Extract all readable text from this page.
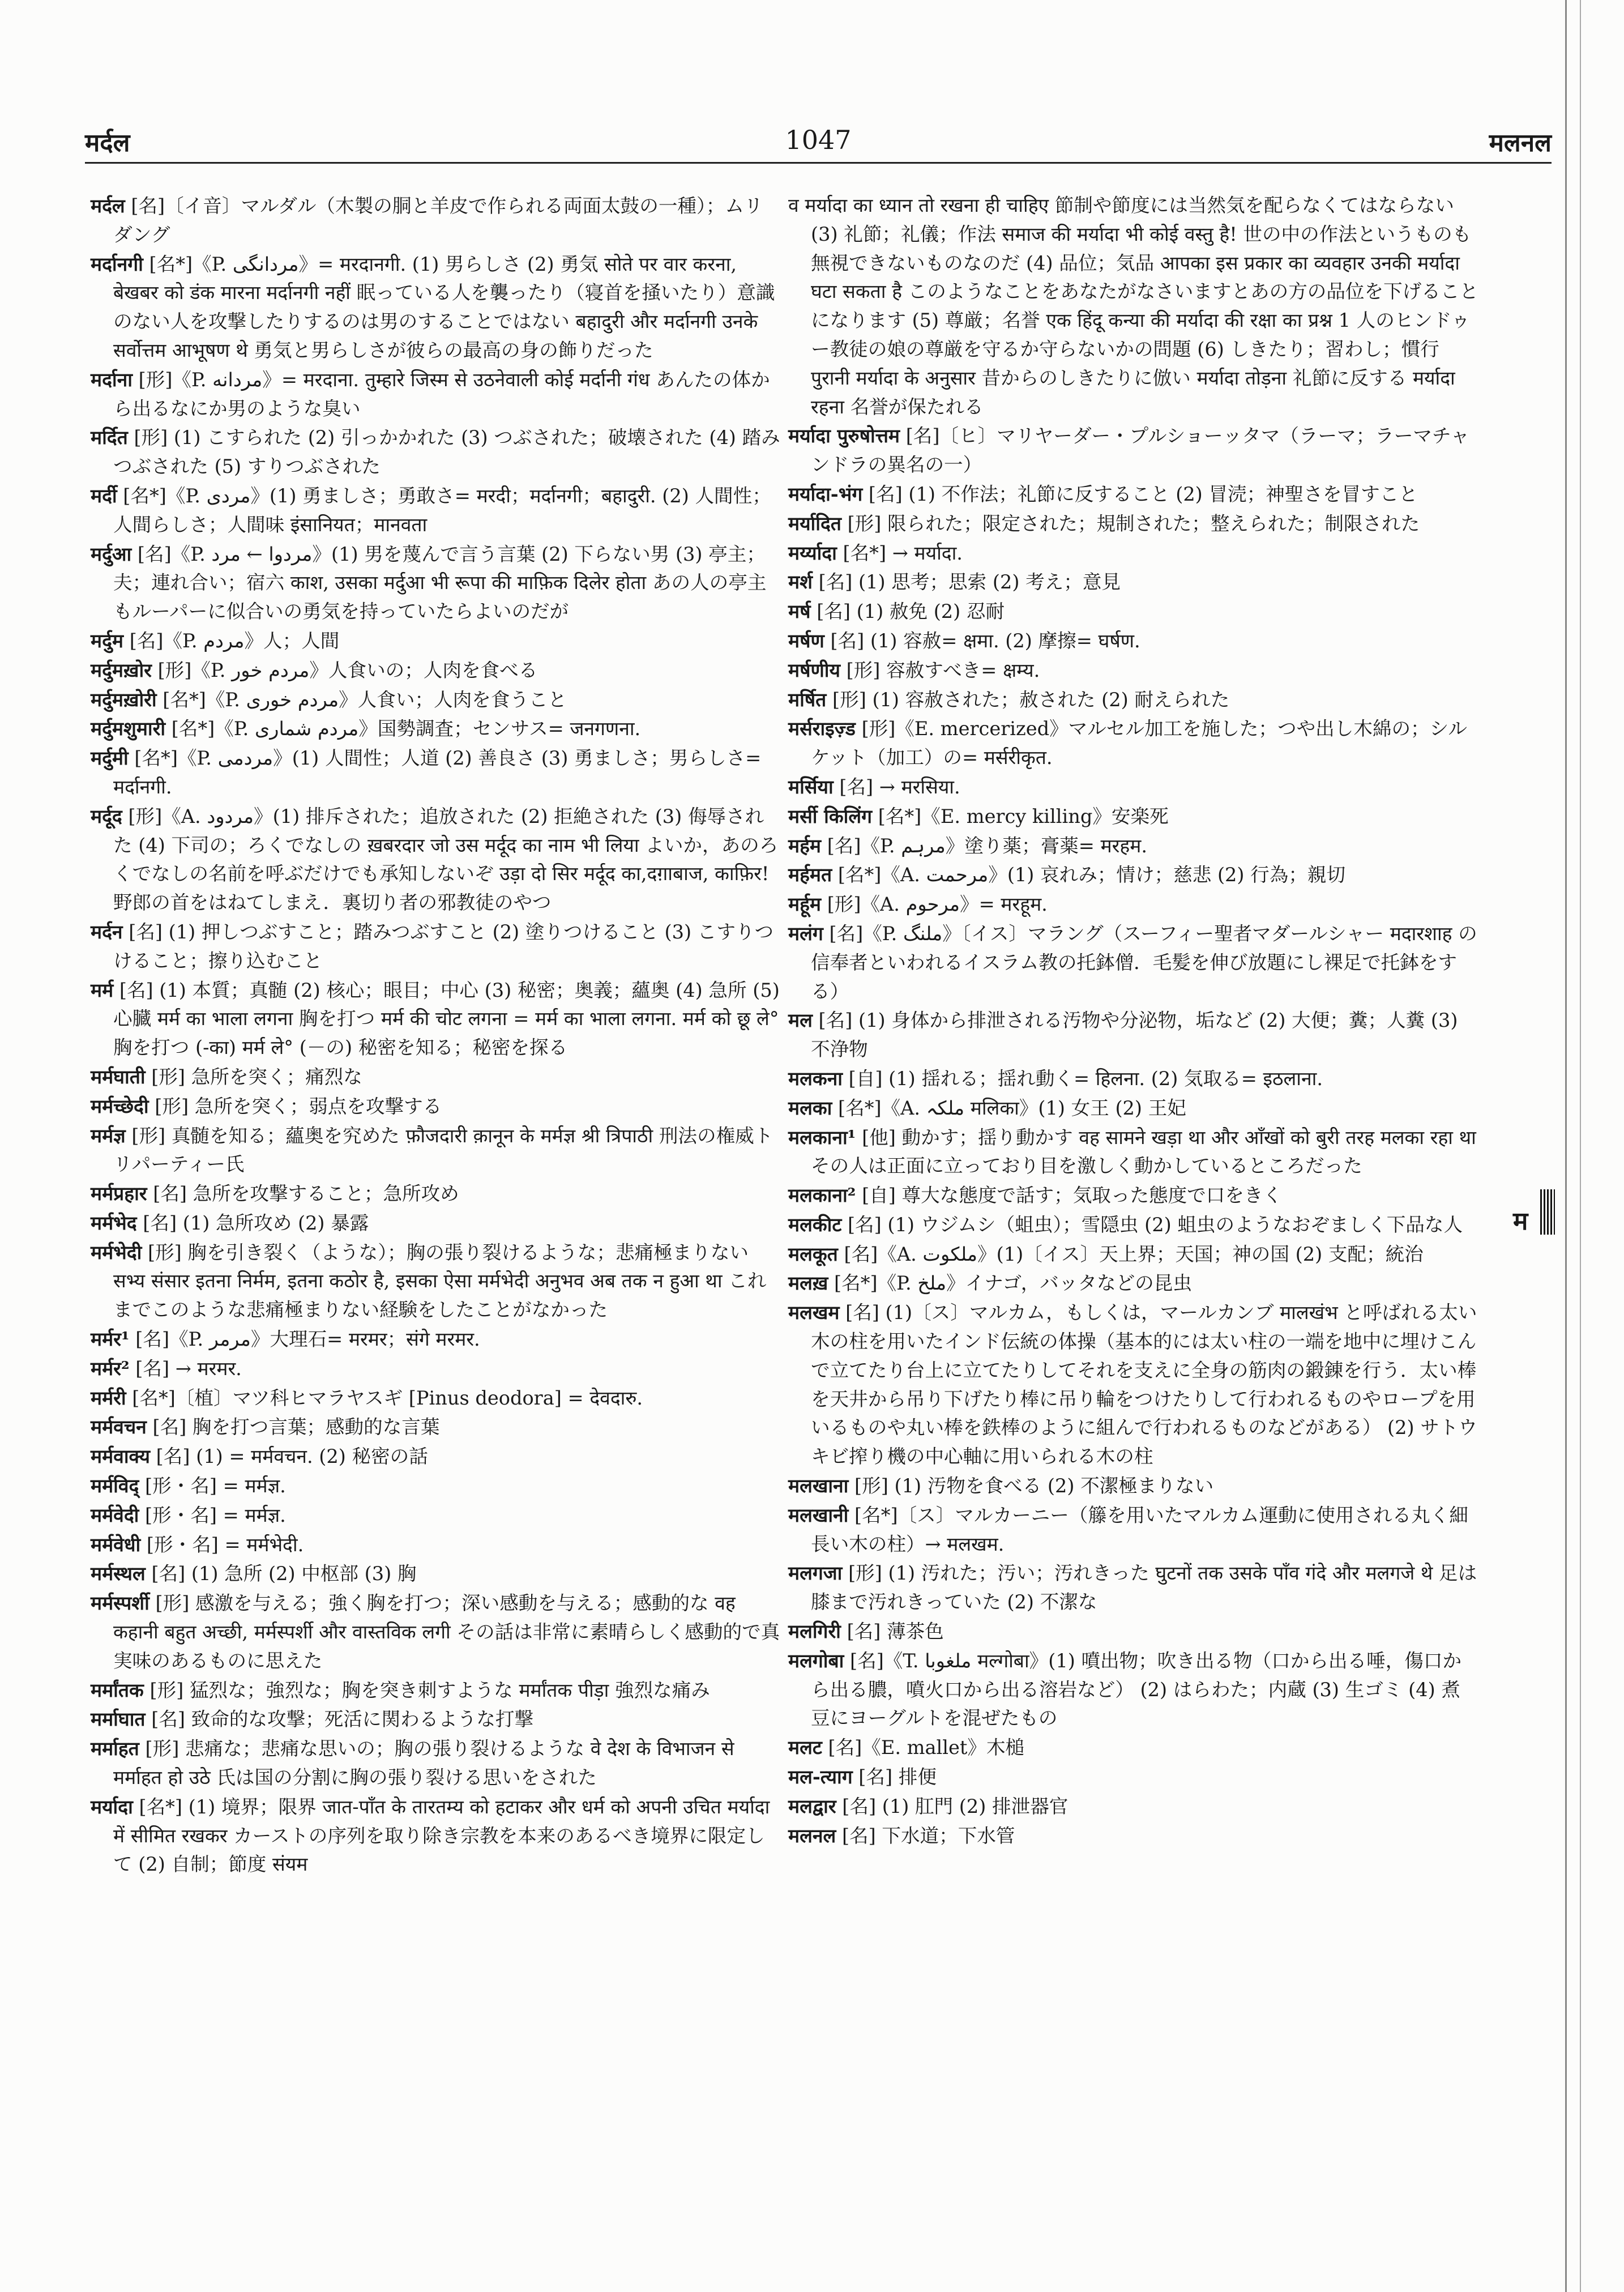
मर्दल	1047	मलनल
मर्दल [名]〔イ音〕マルダル（木製の胴と羊皮で作られる両面太鼓の一種）；ムリダング
मर्दानगी [名*]《P. مردانگی》= मरदानगी. (1) 男らしさ (2) 勇気 सोते पर वार करना, बेखबर को डंक मारना मर्दानगी नहीं 眠っている人を襲ったり（寝首を掻いたり）意識のない人を攻撃したりするのは男のすることではない बहादुरी और मर्दानगी उनके सर्वोत्तम आभूषण थे 勇気と男らしさが彼らの最高の身の飾りだった
मर्दाना [形]《P. مردانه》= मरदाना. तुम्हारे जिस्म से उठनेवाली कोई मर्दानी गंध あんたの体から出るなにか男のような臭い
मर्दित [形] (1) こすられた (2) 引っかかれた (3) つぶされた；破壊された (4) 踏みつぶされた (5) すりつぶされた
मर्दी [名*]《P. مردی》(1) 勇ましさ；勇敢さ= मरदी；मर्दानगी；बहादुरी. (2) 人間性；人間らしさ；人間味 इंसानियत；मानवता
मर्दुआ [名]《P. مردوا ← مرد》(1) 男を蔑んで言う言葉 (2) 下らない男 (3) 亭主；夫；連れ合い；宿六 काश, उसका मर्दुआ भी रूपा की माफ़िक दिलेर होता あの人の亭主もルーパーに似合いの勇気を持っていたらよいのだが
मर्दुम [名]《P. مردم》人；人間
मर्दुमख़ोर [形]《P. مردم خور》人食いの；人肉を食べる
मर्दुमख़ोरी [名*]《P. مردم خوری》人食い；人肉を食うこと
मर्दुमशुमारी [名*]《P. مردم شماری》国勢調査；センサス= जनगणना.
मर्दुमी [名*]《P. مردمی》(1) 人間性；人道 (2) 善良さ (3) 勇ましさ；男らしさ= मर्दानगी.
मर्दूद [形]《A. مردود》(1) 排斥された；追放された (2) 拒絶された (3) 侮辱された (4) 下司の；ろくでなしの ख़बरदार जो उस मर्दूद का नाम भी लिया よいか，あのろくでなしの名前を呼ぶだけでも承知しないぞ उड़ा दो सिर मर्दूद का,दग़ाबाज, काफ़िर! 野郎の首をはねてしまえ．裏切り者の邪教徒のやつ
मर्दन [名] (1) 押しつぶすこと；踏みつぶすこと (2) 塗りつけること (3) こすりつけること；擦り込むこと
मर्म [名] (1) 本質；真髄 (2) 核心；眼目；中心 (3) 秘密；奥義；蘊奥 (4) 急所 (5) 心臓 मर्म का भाला लगना 胸を打つ मर्म की चोट लगना = मर्म का भाला लगना. मर्म को छू ले° 胸を打つ (-का) मर्म ले° (－の) 秘密を知る；秘密を探る
मर्मघाती [形] 急所を突く；痛烈な
मर्मच्छेदी [形] 急所を突く；弱点を攻撃する
मर्मज्ञ [形] 真髄を知る；蘊奥を究めた फ़ौजदारी क़ानून के मर्मज्ञ श्री त्रिपाठी 刑法の権威トリパーティー氏
मर्मप्रहार [名] 急所を攻撃すること；急所攻め
मर्मभेद [名] (1) 急所攻め (2) 暴露
मर्मभेदी [形] 胸を引き裂く（ような）；胸の張り裂けるような；悲痛極まりない सभ्य संसार इतना निर्मम, इतना कठोर है, इसका ऐसा मर्मभेदी अनुभव अब तक न हुआ था これまでこのような悲痛極まりない経験をしたことがなかった
मर्मर¹ [名]《P. مرمر》大理石= मरमर；संगे मरमर.
मर्मर² [名] → मरमर.
मर्मरी [名*]〔植〕マツ科ヒマラヤスギ [Pinus deodora] = देवदारु.
मर्मवचन [名] 胸を打つ言葉；感動的な言葉
मर्मवाक्य [名] (1) = मर्मवचन. (2) 秘密の話
मर्मविद् [形・名] = मर्मज्ञ.
मर्मवेदी [形・名] = मर्मज्ञ.
मर्मवेधी [形・名] = मर्मभेदी.
मर्मस्थल [名] (1) 急所 (2) 中枢部 (3) 胸
मर्मस्पर्शी [形] 感激を与える；強く胸を打つ；深い感動を与える；感動的な वह कहानी बहुत अच्छी, मर्मस्पर्शी और वास्तविक लगी その話は非常に素晴らしく感動的で真実味のあるものに思えた
मर्मांतक [形] 猛烈な；強烈な；胸を突き刺すような मर्मांतक पीड़ा 強烈な痛み
मर्माघात [名] 致命的な攻撃；死活に関わるような打撃
मर्माहत [形] 悲痛な；悲痛な思いの；胸の張り裂けるような वे देश के विभाजन से मर्माहत हो उठे 氏は国の分割に胸の張り裂ける思いをされた
मर्यादा [名*] (1) 境界；限界 जात-पाँत के तारतम्य को हटाकर और धर्म को अपनी उचित मर्यादा में सीमित रखकर カーストの序列を取り除き宗教を本来のあるべき境界に限定して (2) 自制；節度 संयम
व मर्यादा का ध्यान तो रखना ही चाहिए 節制や節度には当然気を配らなくてはならない (3) 礼節；礼儀；作法 समाज की मर्यादा भी कोई वस्तु है! 世の中の作法というものも無視できないものなのだ (4) 品位；気品 आपका इस प्रकार का व्यवहार उनकी मर्यादा घटा सकता है このようなことをあなたがなさいますとあの方の品位を下げることになります (5) 尊厳；名誉 एक हिंदू कन्या की मर्यादा की रक्षा का प्रश्न 1 人のヒンドゥー教徒の娘の尊厳を守るか守らないかの問題 (6) しきたり；習わし；慣行 पुरानी मर्यादा के अनुसार 昔からのしきたりに倣い मर्यादा तोड़ना 礼節に反する मर्यादा रहना 名誉が保たれる
मर्यादा पुरुषोत्तम [名]〔ヒ〕マリヤーダー・プルショーッタマ（ラーマ；ラーマチャンドラの異名の一）
मर्यादा-भंग [名] (1) 不作法；礼節に反すること (2) 冒涜；神聖さを冒すこと
मर्यादित [形] 限られた；限定された；規制された；整えられた；制限された
मर्य्यादा [名*] → मर्यादा.
मर्श [名] (1) 思考；思索 (2) 考え；意見
मर्ष [名] (1) 赦免 (2) 忍耐
मर्षण [名] (1) 容赦= क्षमा. (2) 摩擦= घर्षण.
मर्षणीय [形] 容赦すべき= क्षम्य.
मर्षित [形] (1) 容赦された；赦された (2) 耐えられた
मर्सराइज़्ड [形]《E. mercerized》マルセル加工を施した；つや出し木綿の；シルケット（加工）の= मर्सरीकृत.
मर्सिया [名] → मरसिया.
मर्सी किलिंग [名*]《E. mercy killing》安楽死
मर्हम [名]《P. مرہم》塗り薬；膏薬= मरहम.
मर्हमत [名*]《A. مرحمت》(1) 哀れみ；情け；慈悲 (2) 行為；親切
मर्हूम [形]《A. مرحوم》= मरहूम.
मलंग [名]《P. ملنگ》〔イス〕マラング（スーフィー聖者マダールシャー मदारशाह の信奉者といわれるイスラム教の托鉢僧．毛髪を伸び放題にし裸足で托鉢をする）
मल [名] (1) 身体から排泄される汚物や分泌物，垢など (2) 大便；糞；人糞 (3) 不浄物
मलकना [自] (1) 揺れる；揺れ動く= हिलना. (2) 気取る= इठलाना.
मलका [名*]《A. ملکہ मलिका》(1) 女王 (2) 王妃
मलकाना¹ [他] 動かす；揺り動かす वह सामने खड़ा था और आँखों को बुरी तरह मलका रहा था その人は正面に立っており目を激しく動かしているところだった
मलकाना² [自] 尊大な態度で話す；気取った態度で口をきく
मलकीट [名] (1) ウジムシ（蛆虫）；雪隠虫 (2) 蛆虫のようなおぞましく下品な人
मलकूत [名]《A. ملکوت》(1)〔イス〕天上界；天国；神の国 (2) 支配；統治
मलख़ [名*]《P. ملخ》イナゴ，バッタなどの昆虫
मलखम [名] (1)〔ス〕マルカム，もしくは，マールカンブ मालखंभ と呼ばれる太い木の柱を用いたインド伝統の体操（基本的には太い柱の一端を地中に埋けこんで立てたり台上に立てたりしてそれを支えに全身の筋肉の鍛錬を行う．太い棒を天井から吊り下げたり棒に吊り輪をつけたりして行われるものやロープを用いるものや丸い棒を鉄棒のように組んで行われるものなどがある） (2) サトウキビ搾り機の中心軸に用いられる木の柱
मलखाना [形] (1) 汚物を食べる (2) 不潔極まりない
मलखानी [名*]〔ス〕マルカーニー（籐を用いたマルカム運動に使用される丸く細長い木の柱）→ मलखम.
मलगजा [形] (1) 汚れた；汚い；汚れきった घुटनों तक उसके पाँव गंदे और मलगजे थे 足は膝まで汚れきっていた (2) 不潔な
मलगिरी [名] 薄茶色
मलगोबा [名]《T. ملغوبا मल्गोबा》(1) 噴出物；吹き出る物（口から出る唾，傷口から出る膿，噴火口から出る溶岩など） (2) はらわた；内蔵 (3) 生ゴミ (4) 煮豆にヨーグルトを混ぜたもの
मलट [名]《E. mallet》木槌
मल-त्याग [名] 排便
मलद्वार [名] (1) 肛門 (2) 排泄器官
मलनल [名] 下水道；下水管
म
